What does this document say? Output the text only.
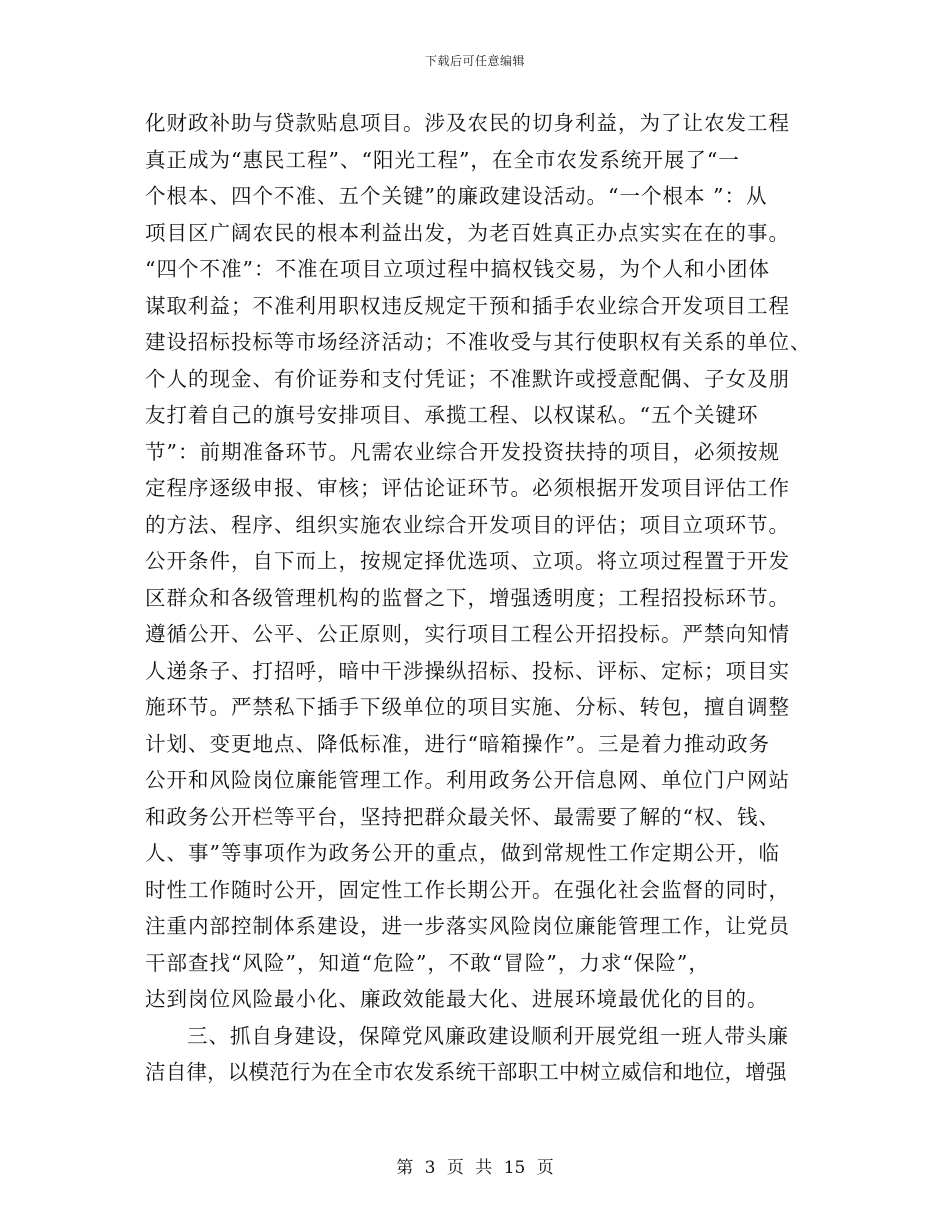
下载后可任意编辑
化财政补助与贷款贴息项目。涉及农民的切身利益，为了让农发工程
真正成为“惠民工程”、“阳光工程”，在全市农发系统开展了“一
个根本、四个不准、五个关键”的廉政建设活动。“一个根本 ”：从
项目区广阔农民的根本利益出发，为老百姓真正办点实实在在的事。
“四个不准”：不准在项目立项过程中搞权钱交易，为个人和小团体
谋取利益；不准利用职权违反规定干预和插手农业综合开发项目工程
建设招标投标等市场经济活动；不准收受与其行使职权有关系的单位、
个人的现金、有价证券和支付凭证；不准默许或授意配偶、子女及朋
友打着自己的旗号安排项目、承揽工程、以权谋私。“五个关键环
节”：前期准备环节。凡需农业综合开发投资扶持的项目，必须按规
定程序逐级申报、审核；评估论证环节。必须根据开发项目评估工作
的方法、程序、组织实施农业综合开发项目的评估；项目立项环节。
公开条件，自下而上，按规定择优选项、立项。将立项过程置于开发
区群众和各级管理机构的监督之下，增强透明度；工程招投标环节。
遵循公开、公平、公正原则，实行项目工程公开招投标。严禁向知情
人递条子、打招呼，暗中干涉操纵招标、投标、评标、定标；项目实
施环节。严禁私下插手下级单位的项目实施、分标、转包，擅自调整
计划、变更地点、降低标准，进行“暗箱操作”。三是着力推动政务
公开和风险岗位廉能管理工作。利用政务公开信息网、单位门户网站
和政务公开栏等平台，坚持把群众最关怀、最需要了解的“权、钱、
人、事”等事项作为政务公开的重点，做到常规性工作定期公开，临
时性工作随时公开，固定性工作长期公开。在强化社会监督的同时，
注重内部控制体系建设，进一步落实风险岗位廉能管理工作，让党员
干部查找“风险”，知道“危险”，不敢“冒险”，力求“保险”，
达到岗位风险最小化、廉政效能最大化、进展环境最优化的目的。
三、抓自身建设，保障党风廉政建设顺利开展党组一班人带头廉
洁自律，以模范行为在全市农发系统干部职工中树立威信和地位，增强
第 3 页 共 15 页
